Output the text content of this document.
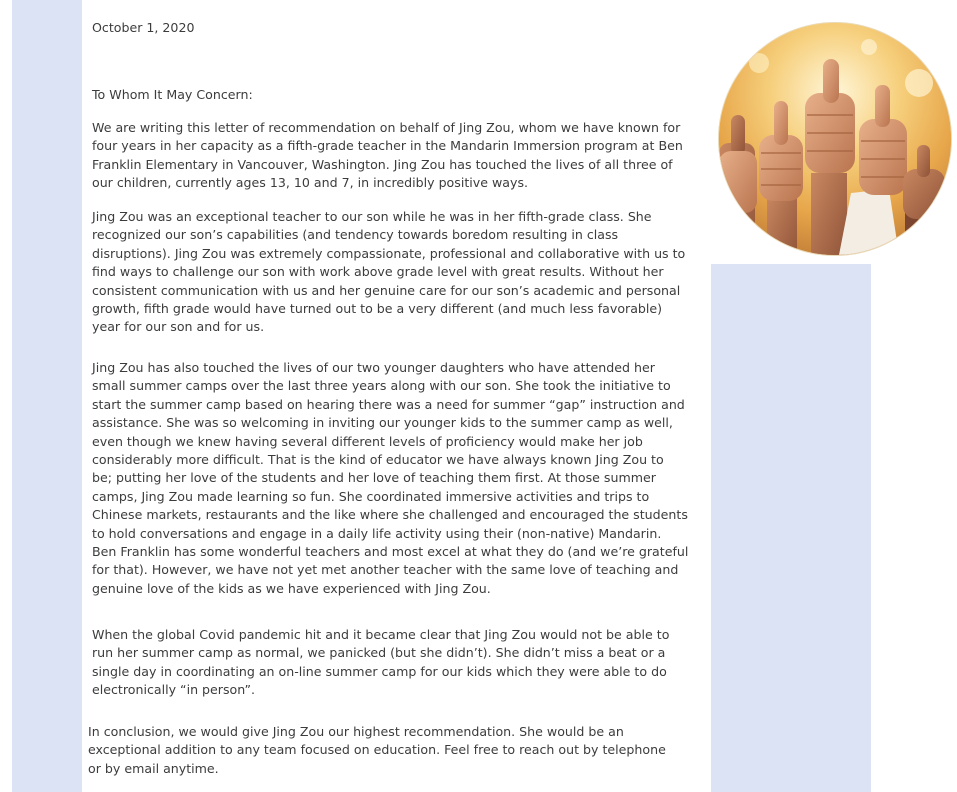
October 1, 2020

To Whom It May Concern:

We are writing this letter of recommendation on behalf of Jing Zou, whom we have known for
four years in her capacity as a fifth-grade teacher in the Mandarin Immersion program at Ben
Franklin Elementary in Vancouver, Washington. Jing Zou has touched the lives of all three of
our children, currently ages 13, 10 and 7, in incredibly positive ways.
Jing Zou was an exceptional teacher to our son while he was in her fifth-grade class. She
recognized our son’s capabilities (and tendency towards boredom resulting in class
disruptions). Jing Zou was extremely compassionate, professional and collaborative with us to
find ways to challenge our son with work above grade level with great results. Without her
consistent communication with us and her genuine care for our son’s academic and personal
growth, fifth grade would have turned out to be a very different (and much less favorable)
year for our son and for us.
Jing Zou has also touched the lives of our two younger daughters who have attended her
small summer camps over the last three years along with our son. She took the initiative to
start the summer camp based on hearing there was a need for summer “gap” instruction and
assistance. She was so welcoming in inviting our younger kids to the summer camp as well,
even though we knew having several different levels of proficiency would make her job
considerably more difficult. That is the kind of educator we have always known Jing Zou to
be; putting her love of the students and her love of teaching them first. At those summer
camps, Jing Zou made learning so fun. She coordinated immersive activities and trips to
Chinese markets, restaurants and the like where she challenged and encouraged the students
to hold conversations and engage in a daily life activity using their (non-native) Mandarin.
Ben Franklin has some wonderful teachers and most excel at what they do (and we’re grateful
for that). However, we have not yet met another teacher with the same love of teaching and
genuine love of the kids as we have experienced with Jing Zou.
When the global Covid pandemic hit and it became clear that Jing Zou would not be able to
run her summer camp as normal, we panicked (but she didn’t). She didn’t miss a beat or a
single day in coordinating an on-line summer camp for our kids which they were able to do
electronically “in person”.
In conclusion, we would give Jing Zou our highest recommendation. She would be an
exceptional addition to any team focused on education. Feel free to reach out by telephone
or by email anytime.
